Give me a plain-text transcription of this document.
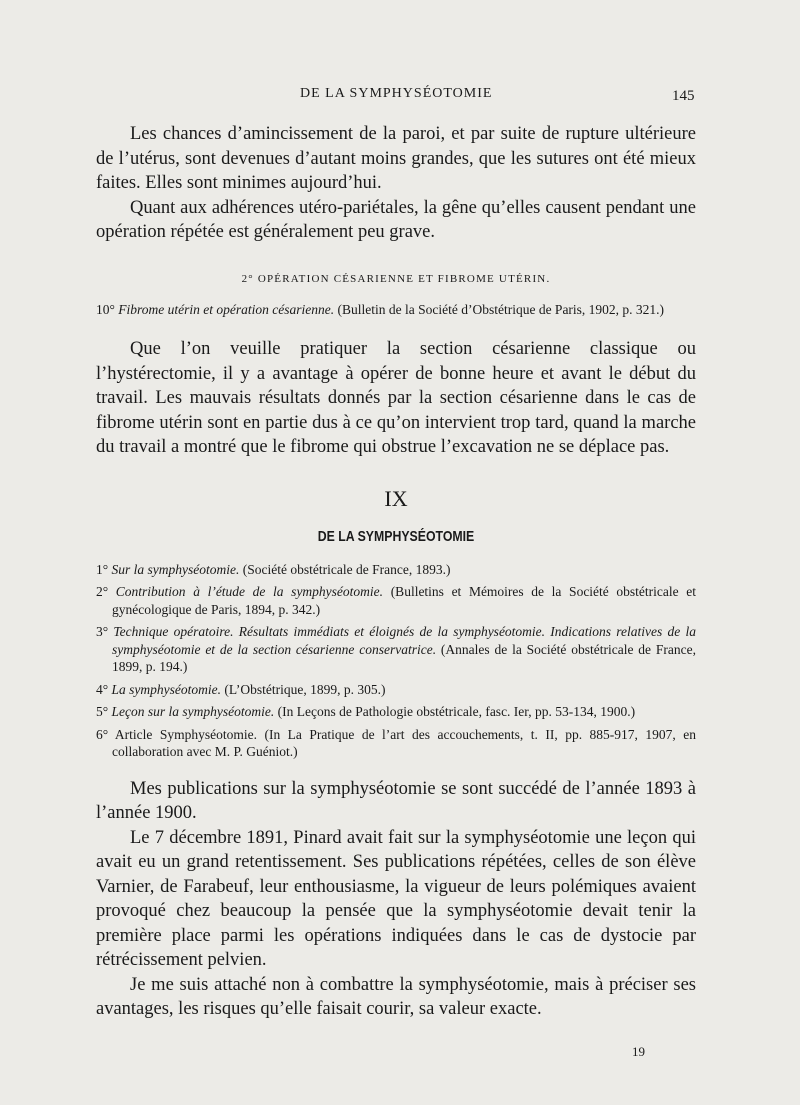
DE LA SYMPHYSÉOTOMIE	145

Les chances d’amincissement de la paroi, et par suite de rupture ultérieure de l’utérus, sont devenues d’autant moins grandes, que les sutures ont été mieux faites. Elles sont minimes aujourd’hui.

Quant aux adhérences utéro-pariétales, la gêne qu’elles causent pendant une opération répétée est généralement peu grave.

2° OPÉRATION CÉSARIENNE ET FIBROME UTÉRIN.

10° Fibrome utérin et opération césarienne. (Bulletin de la Société d’Obstétrique de Paris, 1902, p. 321.)

Que l’on veuille pratiquer la section césarienne classique ou l’hystérectomie, il y a avantage à opérer de bonne heure et avant le début du travail. Les mauvais résultats donnés par la section césarienne dans le cas de fibrome utérin sont en partie dus à ce qu’on intervient trop tard, quand la marche du travail a montré que le fibrome qui obstrue l’excavation ne se déplace pas.

IX
DE LA SYMPHYSÉOTOMIE

1° Sur la symphyséotomie. (Société obstétricale de France, 1893.)

2° Contribution à l’étude de la symphyséotomie. (Bulletins et Mémoires de la Société obstétricale et gynécologique de Paris, 1894, p. 342.)

3° Technique opératoire. Résultats immédiats et éloignés de la symphyséotomie. Indications relatives de la symphyséotomie et de la section césarienne conservatrice. (Annales de la Société obstétricale de France, 1899, p. 194.)

4° La symphyséotomie. (L’Obstétrique, 1899, p. 305.)

5° Leçon sur la symphyséotomie. (In Leçons de Pathologie obstétricale, fasc. Ier, pp. 53-134, 1900.)

6° Article Symphyséotomie. (In La Pratique de l’art des accouchements, t. II, pp. 885-917, 1907, en collaboration avec M. P. Guéniot.)

Mes publications sur la symphyséotomie se sont succédé de l’année 1893 à l’année 1900.

Le 7 décembre 1891, Pinard avait fait sur la symphyséotomie une leçon qui avait eu un grand retentissement. Ses publications répétées, celles de son élève Varnier, de Farabeuf, leur enthousiasme, la vigueur de leurs polémiques avaient provoqué chez beaucoup la pensée que la symphyséotomie devait tenir la première place parmi les opérations indiquées dans le cas de dystocie par rétrécissement pelvien.

Je me suis attaché non à combattre la symphyséotomie, mais à préciser ses avantages, les risques qu’elle faisait courir, sa valeur exacte.

19
